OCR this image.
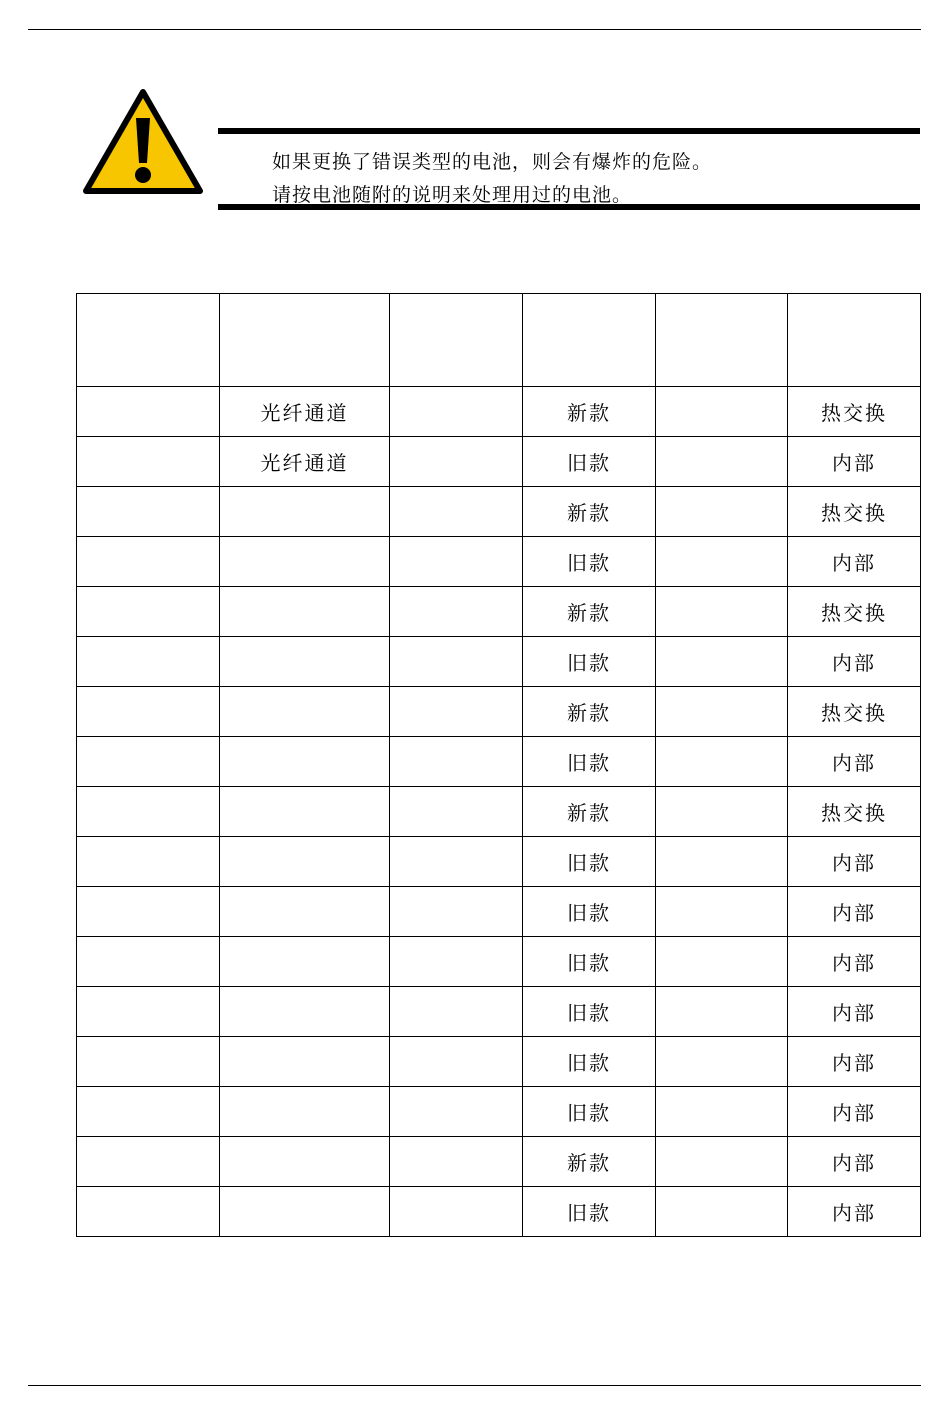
如果更换了错误类型的电池，则会有爆炸的危险。
请按电池随附的说明来处理用过的电池。

	光纤通道		新款		热交换
	光纤通道		旧款		内部
			新款		热交换
			旧款		内部
			新款		热交换
			旧款		内部
			新款		热交换
			旧款		内部
			新款		热交换
			旧款		内部
			旧款		内部
			旧款		内部
			旧款		内部
			旧款		内部
			旧款		内部
			新款		内部
			旧款		内部
